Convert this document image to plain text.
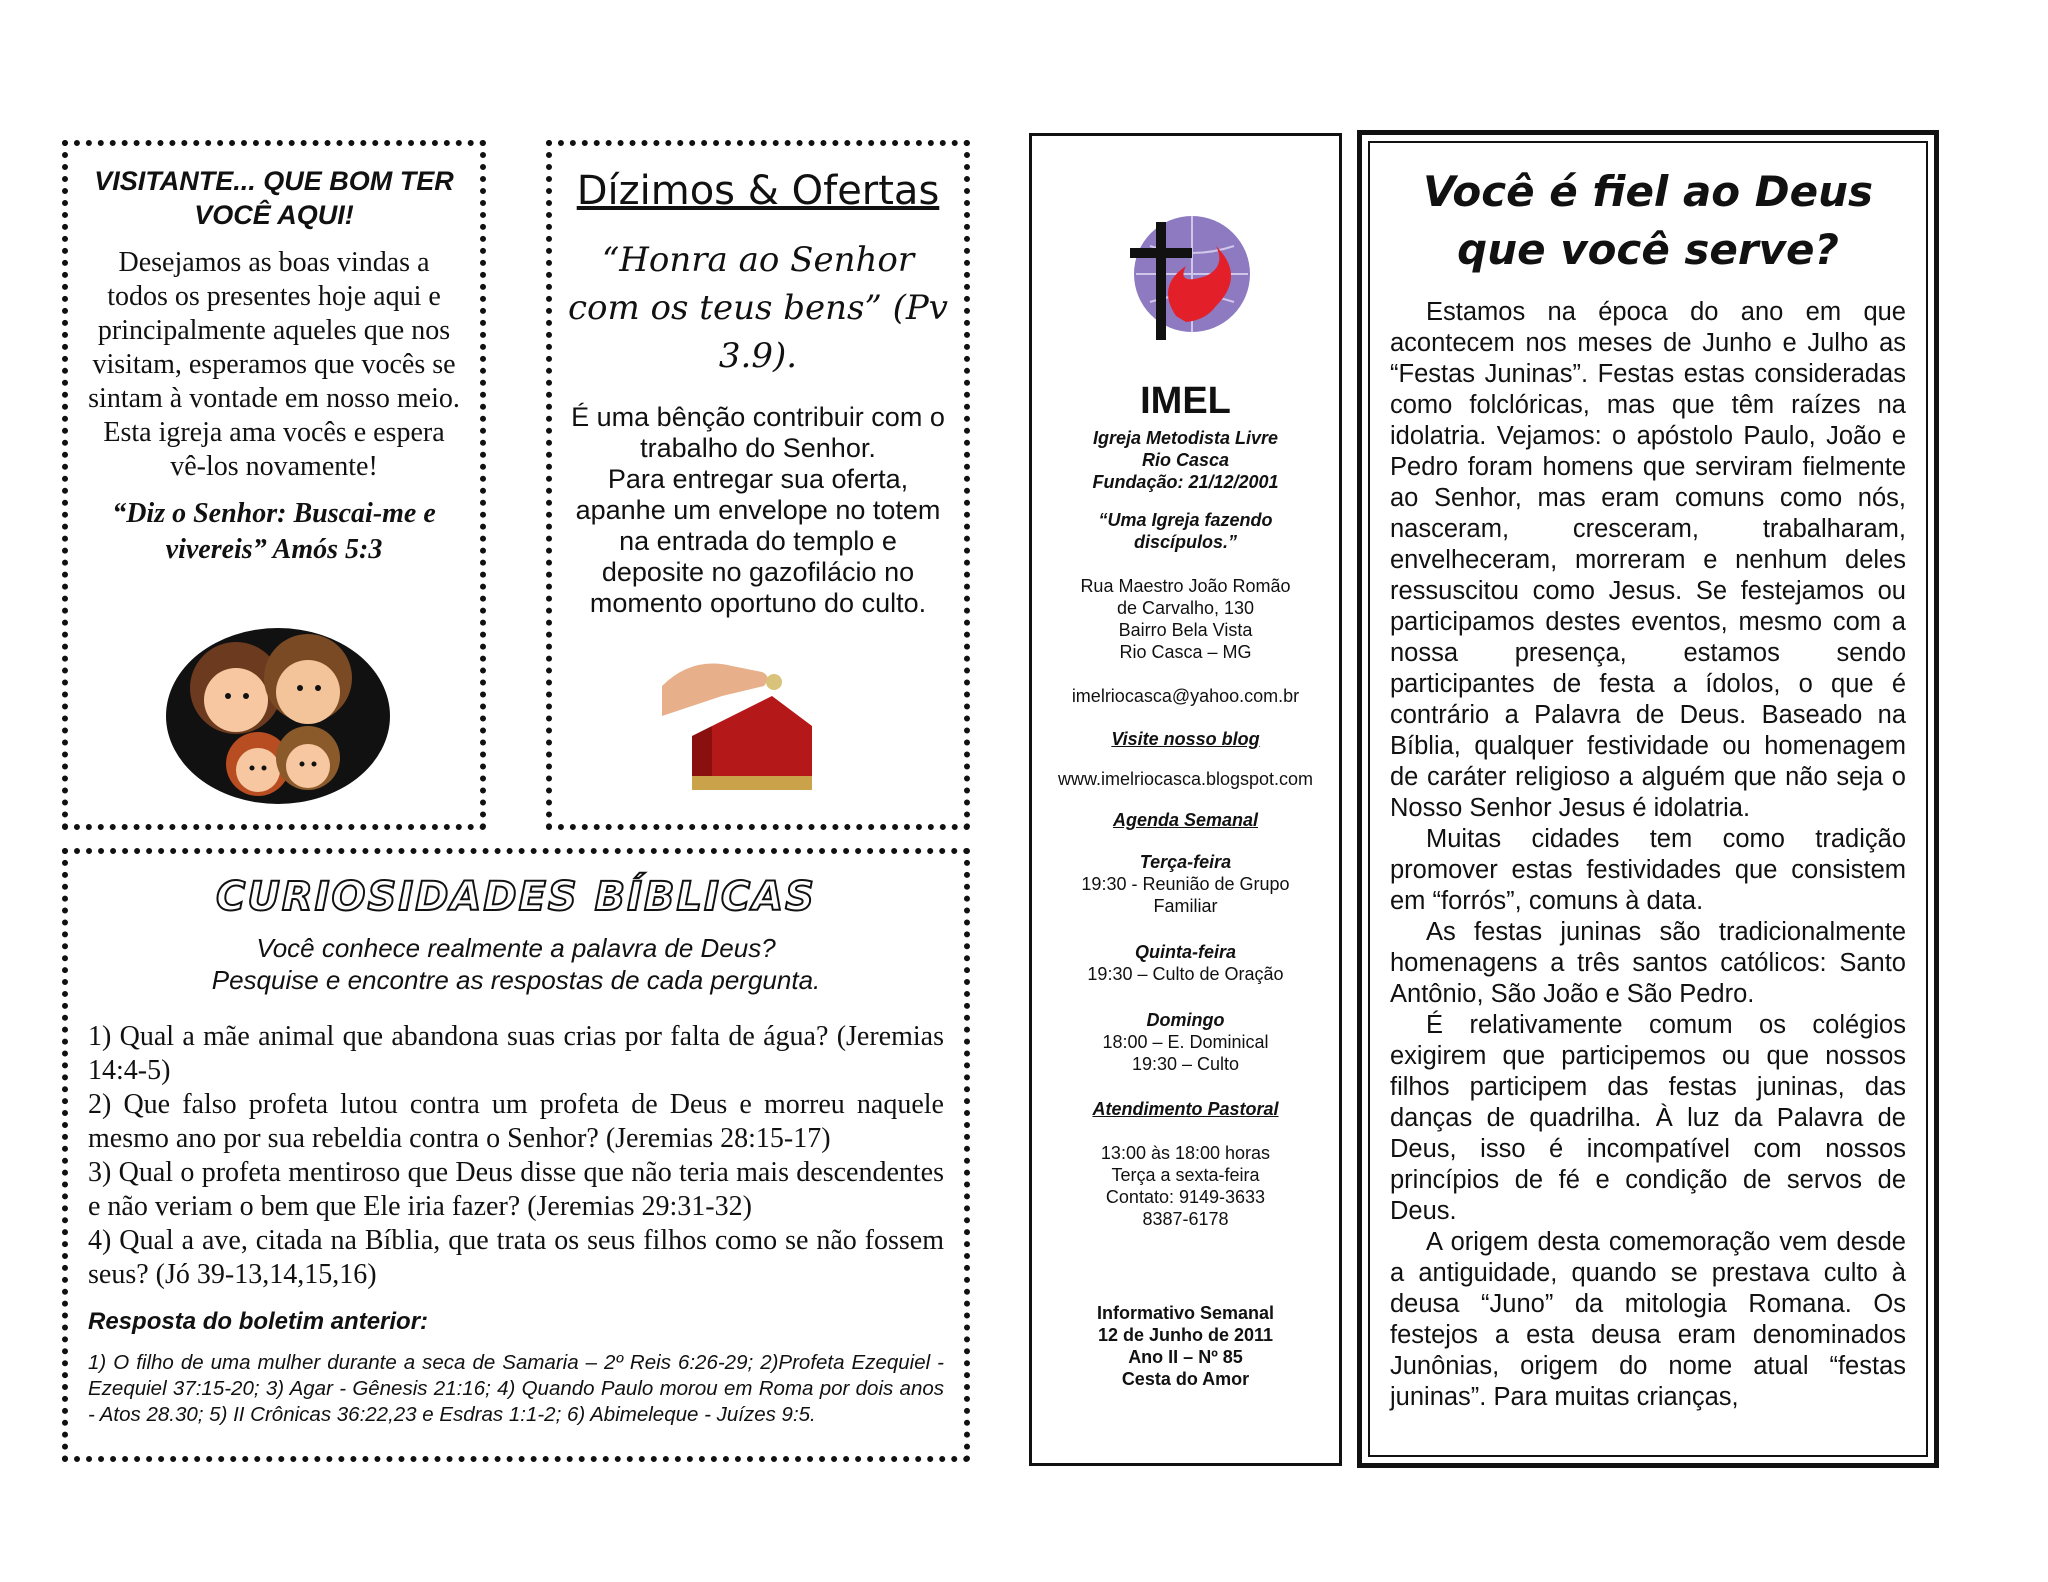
VISITANTE... QUE BOM TER VOCÊ AQUI!
Desejamos as boas vindas a todos os presentes hoje aqui e principalmente aqueles que nos visitam, esperamos que vocês se sintam à vontade em nosso meio.
Esta igreja ama vocês e espera vê-los novamente!
“Diz o Senhor: Buscai-me e vivereis” Amós 5:3
Dízimos & Ofertas
“Honra ao Senhor com os teus bens” (Pv 3.9).
É uma bênção contribuir com o trabalho do Senhor.
Para entregar sua oferta, apanhe um envelope no totem na entrada do templo e deposite no gazofilácio no momento oportuno do culto.
CURIOSIDADES BÍBLICAS
Você conhece realmente a palavra de Deus?
Pesquise e encontre as respostas de cada pergunta.
1) Qual a mãe animal que abandona suas crias por falta de água? (Jeremias 14:4-5)
2) Que falso profeta lutou contra um profeta de Deus e morreu naquele mesmo ano por sua rebeldia contra o Senhor? (Jeremias 28:15-17)
3) Qual o profeta mentiroso que Deus disse que não teria mais descendentes e não veriam o bem que Ele iria fazer? (Jeremias 29:31-32)
4) Qual a ave, citada na Bíblia, que trata os seus filhos como se não fossem seus? (Jó 39-13,14,15,16)
Resposta do boletim anterior:
1) O filho de uma mulher durante a seca de Samaria – 2º Reis 6:26-29; 2)Profeta Ezequiel - Ezequiel 37:15-20; 3) Agar - Gênesis 21:16; 4) Quando Paulo morou em Roma por dois anos - Atos 28.30; 5) II Crônicas 36:22,23 e Esdras 1:1-2; 6) Abimeleque - Juízes 9:5.
IMEL
Igreja Metodista Livre
Rio Casca
Fundação: 21/12/2001
“Uma Igreja fazendo discípulos.”
Rua Maestro João Romão
de Carvalho, 130
Bairro Bela Vista
Rio Casca – MG
imelriocasca@yahoo.com.br
Visite nosso blog
www.imelriocasca.blogspot.com
Agenda Semanal
Terça-feira
19:30 - Reunião de Grupo Familiar
Quinta-feira
19:30 – Culto de Oração
Domingo
18:00 – E. Dominical
19:30 – Culto
Atendimento Pastoral
13:00 às 18:00 horas
Terça a sexta-feira
Contato: 9149-3633
8387-6178
Informativo Semanal
12 de Junho de 2011
Ano II – Nº 85
Cesta do Amor
Você é fiel ao Deus que você serve?

Estamos na época do ano em que acontecem nos meses de Junho e Julho as “Festas Juninas”. Festas estas consideradas como folclóricas, mas que têm raízes na idolatria. Vejamos: o apóstolo Paulo, João e Pedro foram homens que serviram fielmente ao Senhor, mas eram comuns como nós, nasceram, cresceram, trabalharam, envelheceram, morreram e nenhum deles ressuscitou como Jesus. Se festejamos ou participamos destes eventos, mesmo com a nossa presença, estamos sendo participantes de festa a ídolos, o que é contrário a Palavra de Deus. Baseado na Bíblia, qualquer festividade ou homenagem de caráter religioso a alguém que não seja o Nosso Senhor Jesus é idolatria.

Muitas cidades tem como tradição promover estas festividades que consistem em “forrós”, comuns à data.

As festas juninas são tradicionalmente homenagens a três santos católicos: Santo Antônio, São João e São Pedro.

É relativamente comum os colégios exigirem que participemos ou que nossos filhos participem das festas juninas, das danças de quadrilha. À luz da Palavra de Deus, isso é incompatível com nossos princípios de fé e condição de servos de Deus.

A origem desta comemoração vem desde a antiguidade, quando se prestava culto à deusa “Juno” da mitologia Romana. Os festejos a esta deusa eram denominados Junônias, origem do nome atual “festas juninas”. Para muitas crianças,
